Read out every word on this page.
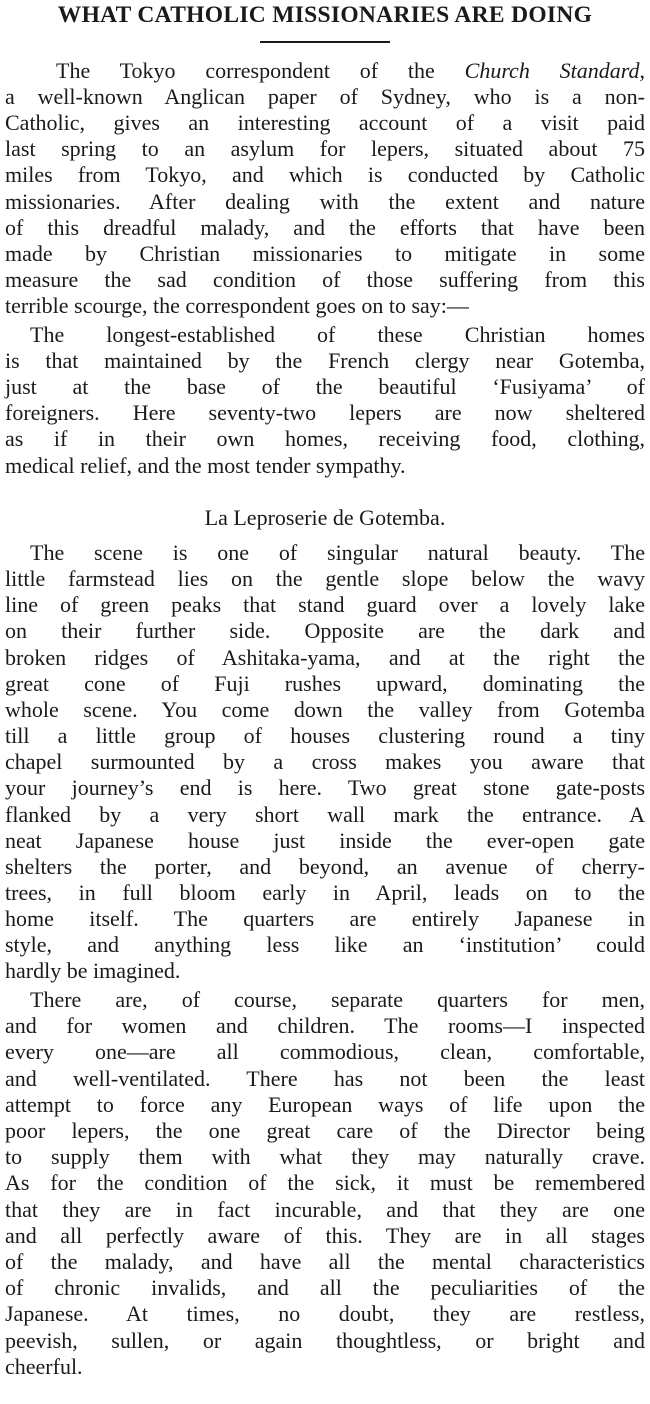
WHAT CATHOLIC MISSIONARIES ARE DOING
The Tokyo correspondent of the Church Standard,
a well-known Anglican paper of Sydney, who is a non-
Catholic, gives an interesting account of a visit paid
last spring to an asylum for lepers, situated about 75
miles from Tokyo, and which is conducted by Catholic
missionaries. After dealing with the extent and nature
of this dreadful malady, and the efforts that have been
made by Christian missionaries to mitigate in some
measure the sad condition of those suffering from this
terrible scourge, the correspondent goes on to say:—
The longest-established of these Christian homes
is that maintained by the French clergy near Gotemba,
just at the base of the beautiful ‘Fusiyama’ of
foreigners. Here seventy-two lepers are now sheltered
as if in their own homes, receiving food, clothing,
medical relief, and the most tender sympathy.
La Leproserie de Gotemba.
The scene is one of singular natural beauty. The
little farmstead lies on the gentle slope below the wavy
line of green peaks that stand guard over a lovely lake
on their further side. Opposite are the dark and
broken ridges of Ashitaka-yama, and at the right the
great cone of Fuji rushes upward, dominating the
whole scene. You come down the valley from Gotemba
till a little group of houses clustering round a tiny
chapel surmounted by a cross makes you aware that
your journey’s end is here. Two great stone gate-posts
flanked by a very short wall mark the entrance. A
neat Japanese house just inside the ever-open gate
shelters the porter, and beyond, an avenue of cherry-
trees, in full bloom early in April, leads on to the
home itself. The quarters are entirely Japanese in
style, and anything less like an ‘institution’ could
hardly be imagined.
There are, of course, separate quarters for men,
and for women and children. The rooms—I inspected
every one—are all commodious, clean, comfortable,
and well-ventilated. There has not been the least
attempt to force any European ways of life upon the
poor lepers, the one great care of the Director being
to supply them with what they may naturally crave.
As for the condition of the sick, it must be remembered
that they are in fact incurable, and that they are one
and all perfectly aware of this. They are in all stages
of the malady, and have all the mental characteristics
of chronic invalids, and all the peculiarities of the
Japanese. At times, no doubt, they are restless,
peevish, sullen, or again thoughtless, or bright and
cheerful.
